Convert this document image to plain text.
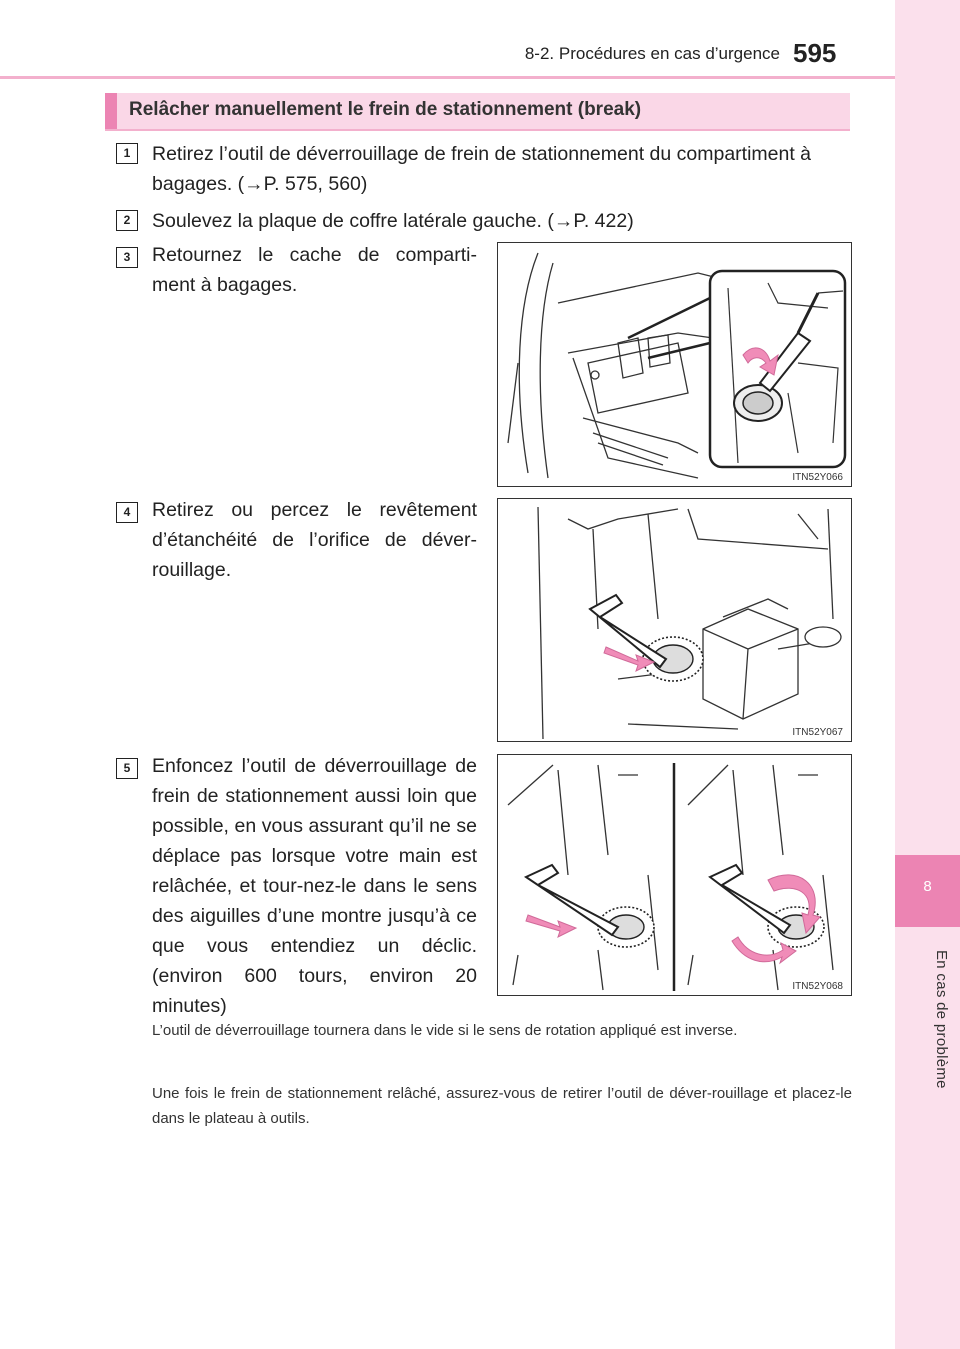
8-2. Procédures en cas d’urgence 595
8
En cas de problème
Relâcher manuellement le frein de stationnement (break)
1	Retirez l’outil de déverrouillage de frein de stationnement du compartiment à bagages. (→P. 575, 560)
2	Soulevez la plaque de coffre latérale gauche. (→P. 422)
3	Retournez le cache de comparti-ment à bagages.
ITN52Y066
4	Retirez ou percez le revêtement d’étanchéité de l’orifice de déver-rouillage.
ITN52Y067
5	Enfoncez l’outil de déverrouillage de frein de stationnement aussi loin que possible, en vous assurant qu’il ne se déplace pas lorsque votre main est relâchée, et tour-nez-le dans le sens des aiguilles d’une montre jusqu’à ce que vous entendiez un déclic. (environ 600 tours, environ 20 minutes)
ITN52Y068
L’outil de déverrouillage tournera dans le vide si le sens de rotation appliqué est inverse.
Une fois le frein de stationnement relâché, assurez-vous de retirer l’outil de déver-rouillage et placez-le dans le plateau à outils.
